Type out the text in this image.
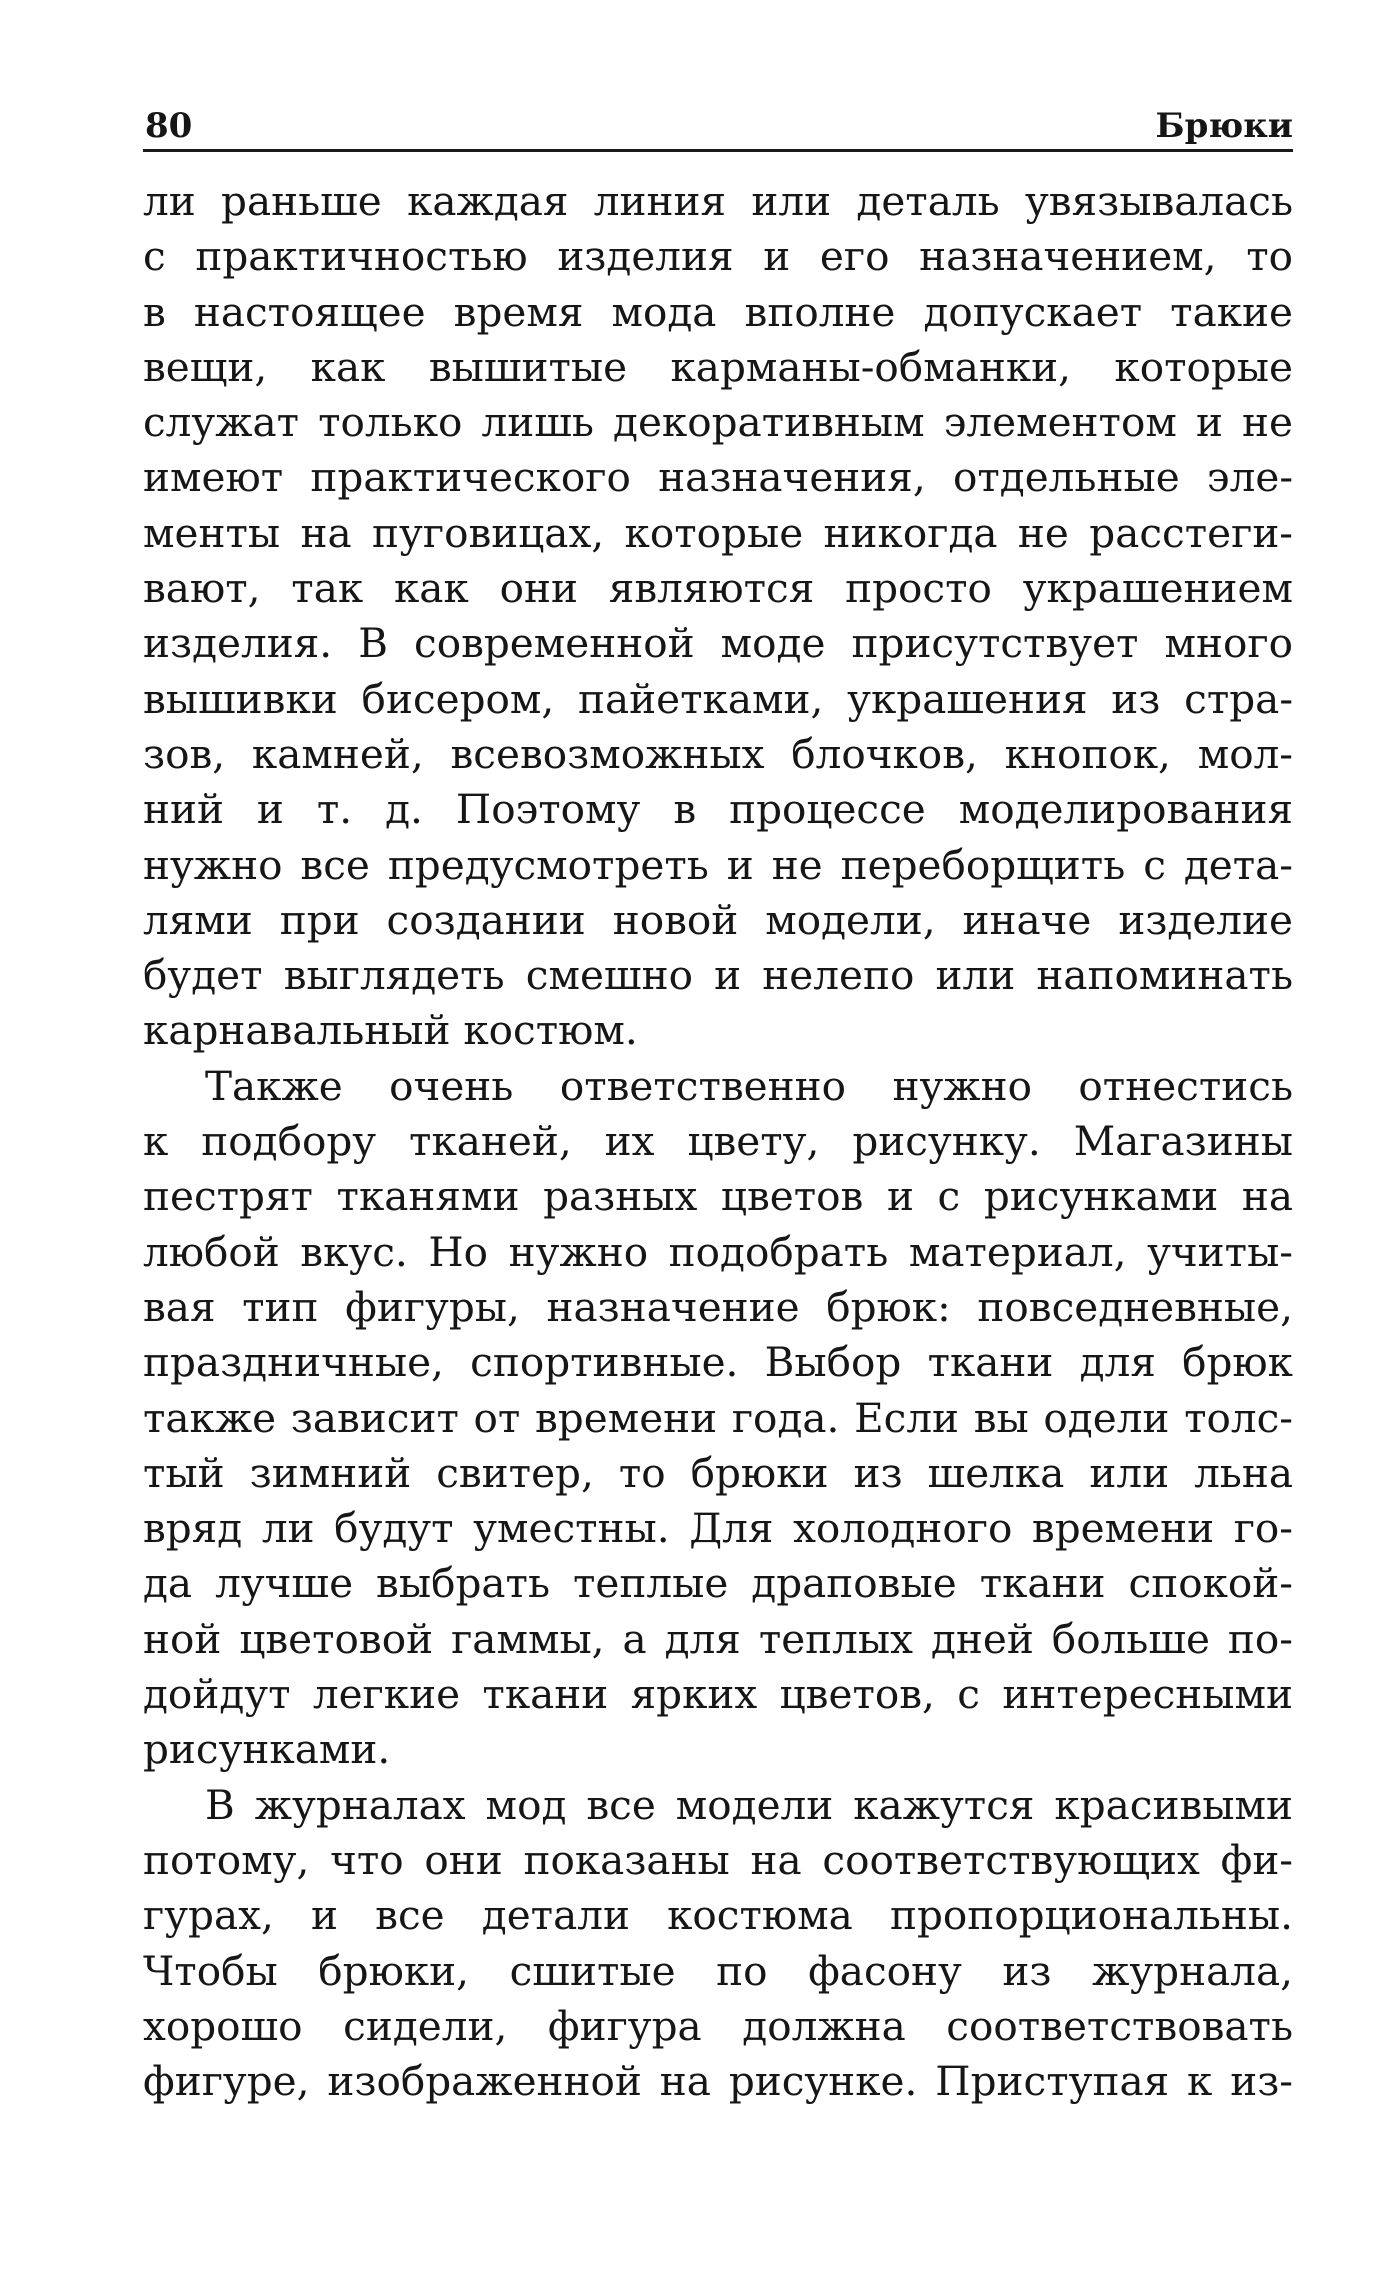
80	Брюки
ли раньше каждая линия или деталь увязывалась
с практичностью изделия и его назначением, то
в настоящее время мода вполне допускает такие
вещи, как вышитые карманы-обманки, которые
служат только лишь декоративным элементом и не
имеют практического назначения, отдельные эле-
менты на пуговицах, которые никогда не расстеги-
вают, так как они являются просто украшением
изделия. В современной моде присутствует много
вышивки бисером, пайетками, украшения из стра-
зов, камней, всевозможных блочков, кнопок, мол-
ний и т. д. Поэтому в процессе моделирования
нужно все предусмотреть и не переборщить с дета-
лями при создании новой модели, иначе изделие
будет выглядеть смешно и нелепо или напоминать
карнавальный костюм.
Также очень ответственно нужно отнестись
к подбору тканей, их цвету, рисунку. Магазины
пестрят тканями разных цветов и с рисунками на
любой вкус. Но нужно подобрать материал, учиты-
вая тип фигуры, назначение брюк: повседневные,
праздничные, спортивные. Выбор ткани для брюк
также зависит от времени года. Если вы одели толс-
тый зимний свитер, то брюки из шелка или льна
вряд ли будут уместны. Для холодного времени го-
да лучше выбрать теплые драповые ткани спокой-
ной цветовой гаммы, а для теплых дней больше по-
дойдут легкие ткани ярких цветов, с интересными
рисунками.
В журналах мод все модели кажутся красивыми
потому, что они показаны на соответствующих фи-
гурах, и все детали костюма пропорциональны.
Чтобы брюки, сшитые по фасону из журнала,
хорошо сидели, фигура должна соответствовать
фигуре, изображенной на рисунке. Приступая к из-
